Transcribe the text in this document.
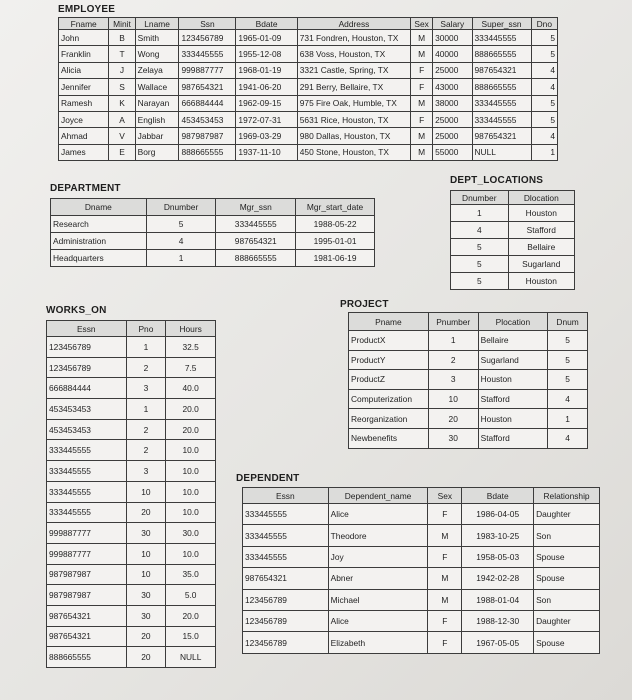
EMPLOYEE
Fname	Minit	Lname	Ssn	Bdate	Address	Sex	Salary	Super_ssn	Dno
John	B	Smith	123456789	1965-01-09	731 Fondren, Houston, TX	M	30000	333445555	5
Franklin	T	Wong	333445555	1955-12-08	638 Voss, Houston, TX	M	40000	888665555	5
Alicia	J	Zelaya	999887777	1968-01-19	3321 Castle, Spring, TX	F	25000	987654321	4
Jennifer	S	Wallace	987654321	1941-06-20	291 Berry, Bellaire, TX	F	43000	888665555	4
Ramesh	K	Narayan	666884444	1962-09-15	975 Fire Oak, Humble, TX	M	38000	333445555	5
Joyce	A	English	453453453	1972-07-31	5631 Rice, Houston, TX	F	25000	333445555	5
Ahmad	V	Jabbar	987987987	1969-03-29	980 Dallas, Houston, TX	M	25000	987654321	4
James	E	Borg	888665555	1937-11-10	450 Stone, Houston, TX	M	55000	NULL	1
DEPARTMENT
Dname	Dnumber	Mgr_ssn	Mgr_start_date
Research	5	333445555	1988-05-22
Administration	4	987654321	1995-01-01
Headquarters	1	888665555	1981-06-19
DEPT_LOCATIONS
Dnumber	Dlocation
1	Houston
4	Stafford
5	Bellaire
5	Sugarland
5	Houston
WORKS_ON
Essn	Pno	Hours
123456789	1	32.5
123456789	2	7.5
666884444	3	40.0
453453453	1	20.0
453453453	2	20.0
333445555	2	10.0
333445555	3	10.0
333445555	10	10.0
333445555	20	10.0
999887777	30	30.0
999887777	10	10.0
987987987	10	35.0
987987987	30	5.0
987654321	30	20.0
987654321	20	15.0
888665555	20	NULL
PROJECT
Pname	Pnumber	Plocation	Dnum
ProductX	1	Bellaire	5
ProductY	2	Sugarland	5
ProductZ	3	Houston	5
Computerization	10	Stafford	4
Reorganization	20	Houston	1
Newbenefits	30	Stafford	4
DEPENDENT
Essn	Dependent_name	Sex	Bdate	Relationship
333445555	Alice	F	1986-04-05	Daughter
333445555	Theodore	M	1983-10-25	Son
333445555	Joy	F	1958-05-03	Spouse
987654321	Abner	M	1942-02-28	Spouse
123456789	Michael	M	1988-01-04	Son
123456789	Alice	F	1988-12-30	Daughter
123456789	Elizabeth	F	1967-05-05	Spouse
